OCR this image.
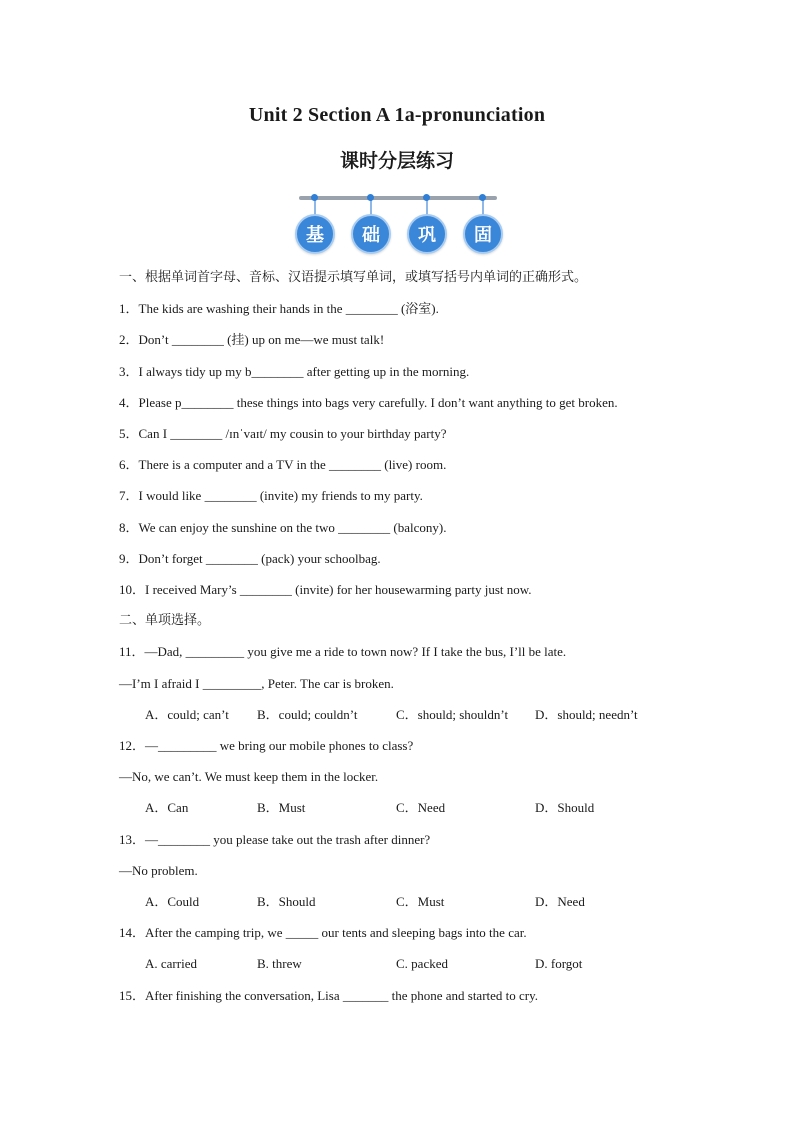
Unit 2 Section A 1a-pronunciation
课时分层练习
基	础	巩	固
一、根据单词首字母、音标、汉语提示填写单词，或填写括号内单词的正确形式。
1．The kids are washing their hands in the ________ (浴室).
2．Don’t ________ (挂) up on me—we must talk!
3．I always tidy up my b________ after getting up in the morning.
4．Please p________ these things into bags very carefully. I don’t want anything to get broken.
5．Can I ________ /ɪnˈvaɪt/ my cousin to your birthday party?
6．There is a computer and a TV in the ________ (live) room.
7．I would like ________ (invite) my friends to my party.
8．We can enjoy the sunshine on the two ________ (balcony).
9．Don’t forget ________ (pack) your schoolbag.
10．I received Mary’s ________ (invite) for her housewarming party just now.
二、单项选择。
11．—Dad, _________ you give me a ride to town now? If I take the bus, I’ll be late.
—I’m I afraid I _________, Peter. The car is broken.
A．could; can’t B．could; couldn’t	C．should; shouldn’t D．should; needn’t
12．—_________ we bring our mobile phones to class?
—No, we can’t. We must keep them in the locker.
A．Can	B．Must	C．Need	D．Should
13．—________ you please take out the trash after dinner?
—No problem.
A．Could	B．Should	C．Must	D．Need
14．After the camping trip, we _____ our tents and sleeping bags into the car.
A. carried	B. threw	C. packed	D. forgot
15．After finishing the conversation, Lisa _______ the phone and started to cry.
